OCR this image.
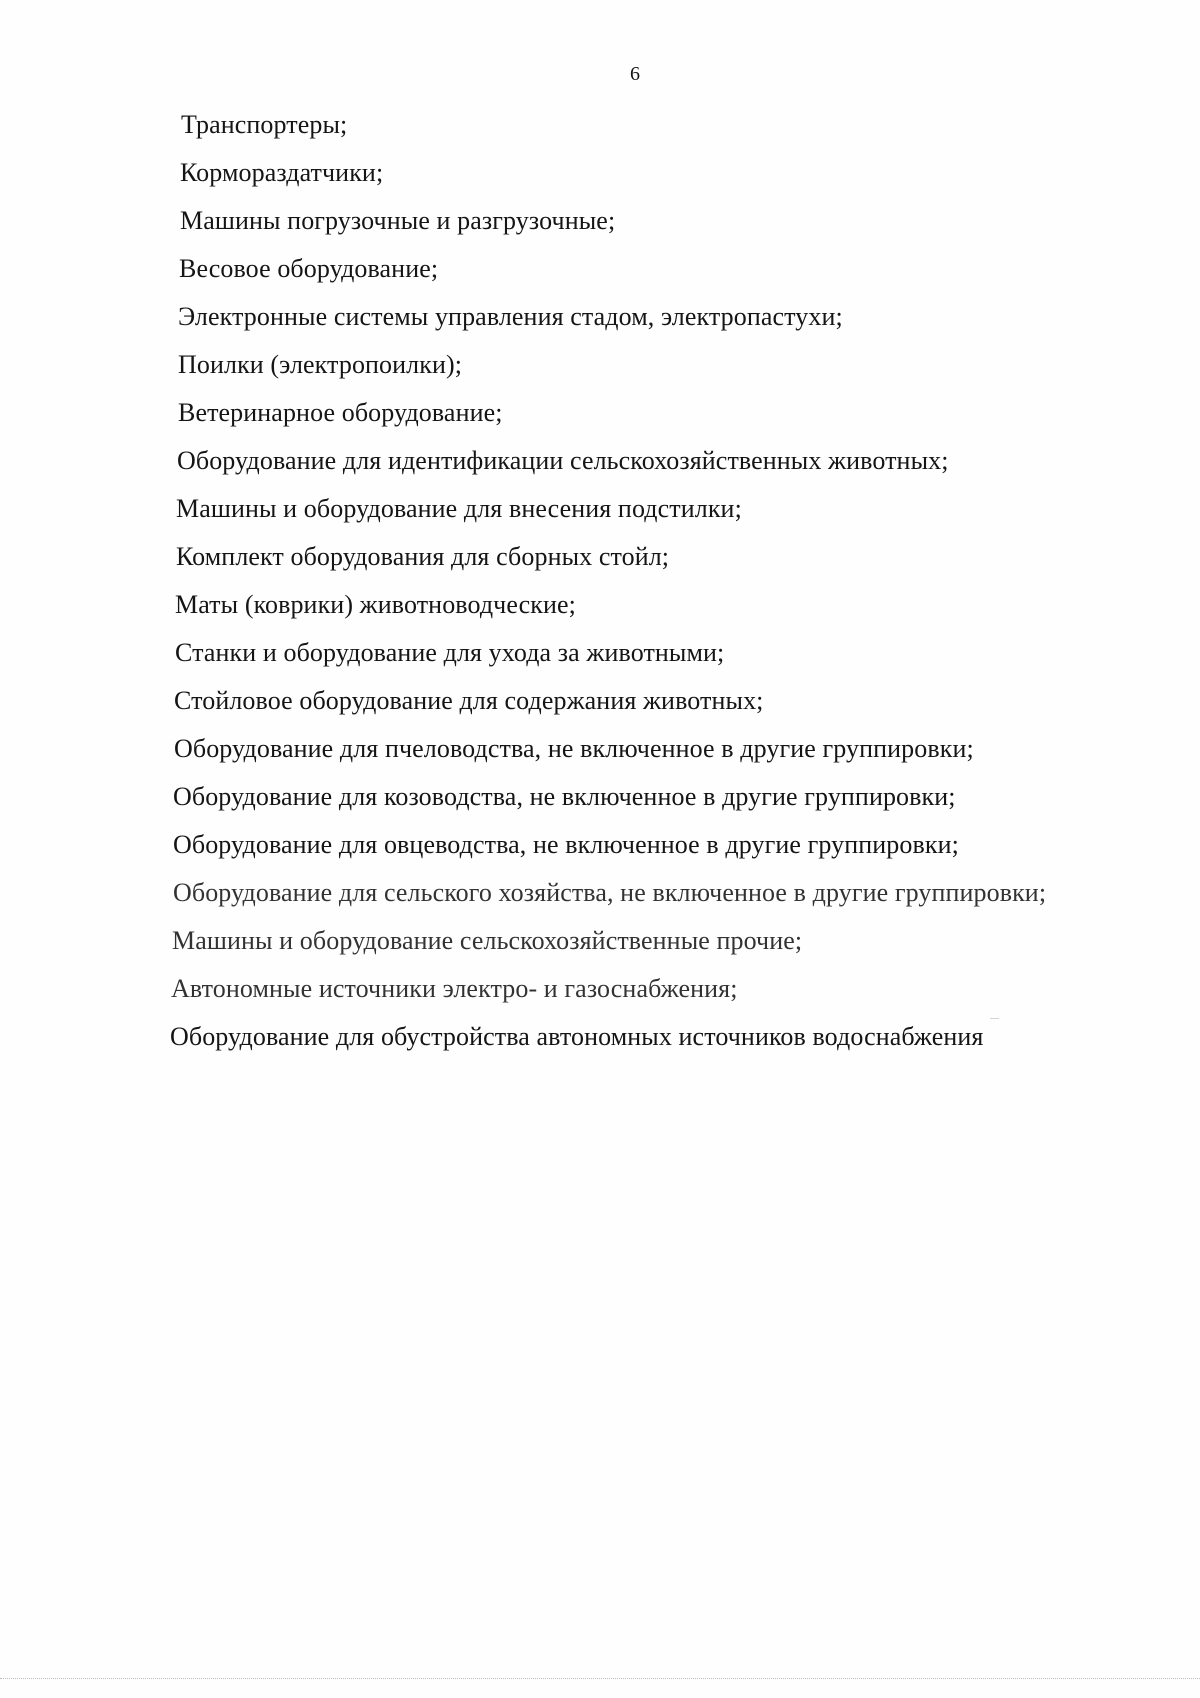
6
Транспортеры;
Кормораздатчики;
Машины погрузочные и разгрузочные;
Весовое оборудование;
Электронные системы управления стадом, электропастухи;
Поилки (электропоилки);
Ветеринарное оборудование;
Оборудование для идентификации сельскохозяйственных животных;
Машины и оборудование для внесения подстилки;
Комплект оборудования для сборных стойл;
Маты (коврики) животноводческие;
Станки и оборудование для ухода за животными;
Стойловое оборудование для содержания животных;
Оборудование для пчеловодства, не включенное в другие группировки;
Оборудование для козоводства, не включенное в другие группировки;
Оборудование для овцеводства, не включенное в другие группировки;
Оборудование для сельского хозяйства, не включенное в другие группировки;
Машины и оборудование сельскохозяйственные прочие;
Автономные источники электро- и газоснабжения;
Оборудование для обустройства автономных источников водоснабжения
